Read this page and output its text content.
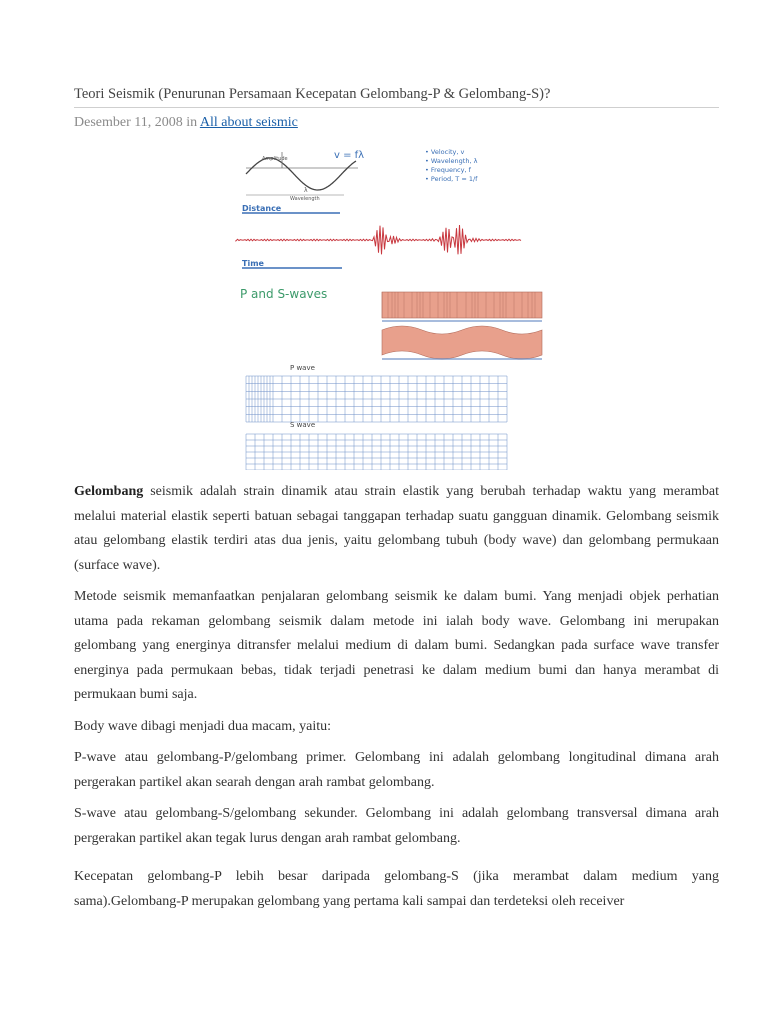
Teori Seismik (Penurunan Persamaan Kecepatan Gelombang-P & Gelombang-S)?
Desember 11, 2008 in All about seismic
Amplitude
λ
Wavelength
v = fλ	• Velocity, v
• Wavelength, λ
• Frequency, f
• Period, T = 1/f
Distance
Time
P and S-waves
P wave
S wave

Gelombang seismik adalah strain dinamik atau strain elastik yang berubah terhadap waktu yang merambat melalui material elastik seperti batuan sebagai tanggapan terhadap suatu gangguan dinamik. Gelombang seismik atau gelombang elastik terdiri atas dua jenis, yaitu gelombang tubuh (body wave) dan gelombang permukaan (surface wave).

Metode seismik memanfaatkan penjalaran gelombang seismik ke dalam bumi. Yang menjadi objek perhatian utama pada rekaman gelombang seismik dalam metode ini ialah body wave. Gelombang ini merupakan gelombang yang energinya ditransfer melalui medium di dalam bumi. Sedangkan pada surface wave transfer energinya pada permukaan bebas, tidak terjadi penetrasi ke dalam medium bumi dan hanya merambat di permukaan bumi saja.

Body wave dibagi menjadi dua macam, yaitu:

P-wave atau gelombang-P/gelombang primer. Gelombang ini adalah gelombang longitudinal dimana arah pergerakan partikel akan searah dengan arah rambat gelombang.

S-wave atau gelombang-S/gelombang sekunder. Gelombang ini adalah gelombang transversal dimana arah pergerakan partikel akan tegak lurus dengan arah rambat gelombang.

Kecepatan gelombang-P lebih besar daripada gelombang-S (jika merambat dalam medium yang sama).Gelombang-P merupakan gelombang yang pertama kali sampai dan terdeteksi oleh receiver
